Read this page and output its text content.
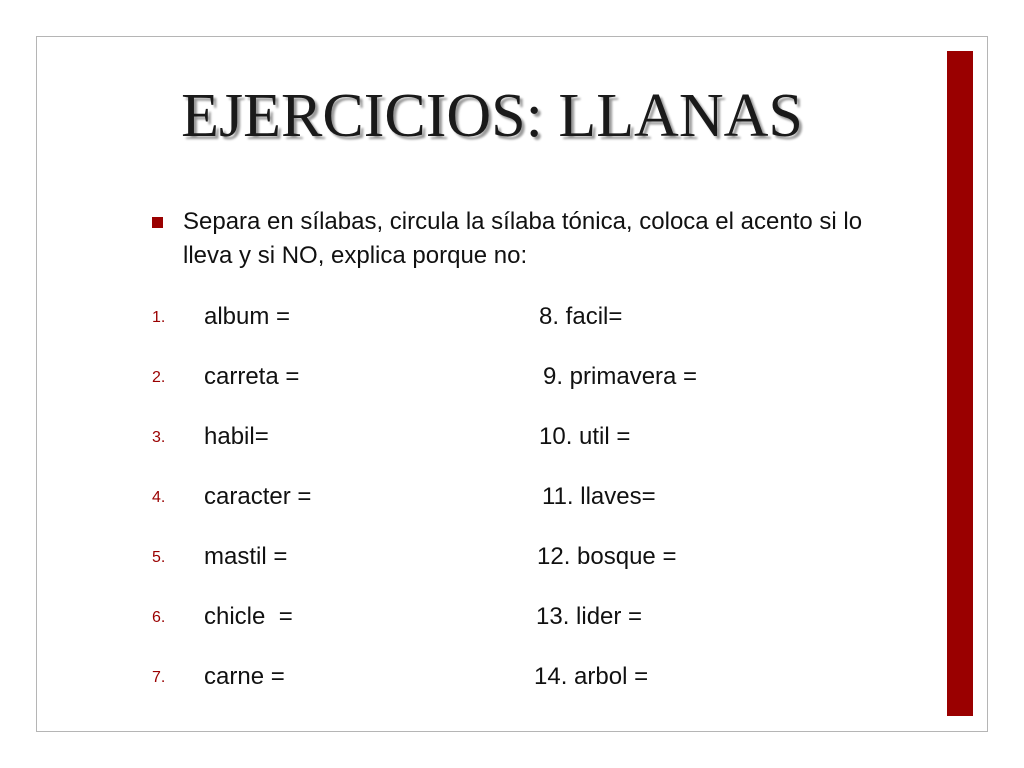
EJERCICIOS: LLANAS
Separa en sílabas, circula la sílaba tónica, coloca el acento si lo lleva y si NO, explica porque no:
1. album =	8. facil=
2. carreta =	9. primavera =
3. habil=	10. util =
4. caracter =	11. llaves=
5. mastil =	12. bosque =
6. chicle  =	13. lider =
7. carne =	14. arbol =
